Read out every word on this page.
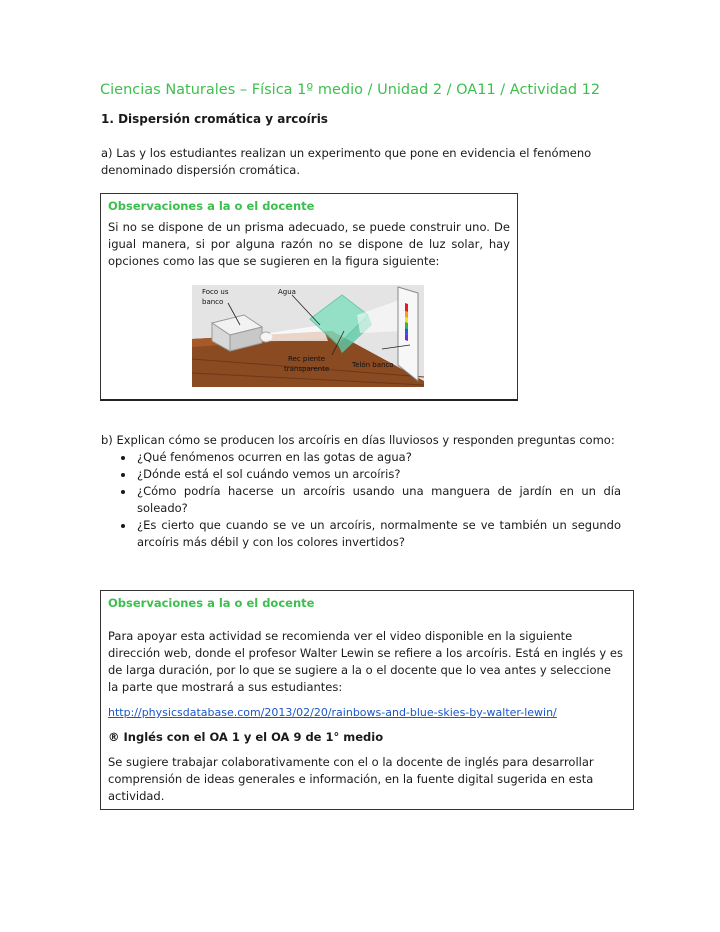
Ciencias Naturales – Física 1º medio / Unidad 2 / OA11 / Actividad 12
1. Dispersión cromática y arcoíris
a) Las y los estudiantes realizan un experimento que pone en evidencia el fenómeno denominado dispersión cromática.
Observaciones a la o el docente
Si no se dispone de un prisma adecuado, se puede construir uno. De igual manera, si por alguna razón no se dispone de luz solar, hay opciones como las que se sugieren en la figura siguiente:
Foco us banco
Agua
Rec piente transparente	Telón banco
b) Explican cómo se producen los arcoíris en días lluviosos y responden preguntas como:
• ¿Qué fenómenos ocurren en las gotas de agua?
• ¿Dónde está el sol cuándo vemos un arcoíris?
• ¿Cómo podría hacerse un arcoíris usando una manguera de jardín en un día soleado?
• ¿Es cierto que cuando se ve un arcoíris, normalmente se ve también un segundo arcoíris más débil y con los colores invertidos?
Observaciones a la o el docente
Para apoyar esta actividad se recomienda ver el video disponible en la siguiente dirección web, donde el profesor Walter Lewin se refiere a los arcoíris. Está en inglés y es de larga duración, por lo que se sugiere a la o el docente que lo vea antes y seleccione la parte que mostrará a sus estudiantes:
http://physicsdatabase.com/2013/02/20/rainbows-and-blue-skies-by-walter-lewin/
® Inglés con el OA 1 y el OA 9 de 1° medio
Se sugiere trabajar colaborativamente con el o la docente de inglés para desarrollar comprensión de ideas generales e información, en la fuente digital sugerida en esta actividad.
